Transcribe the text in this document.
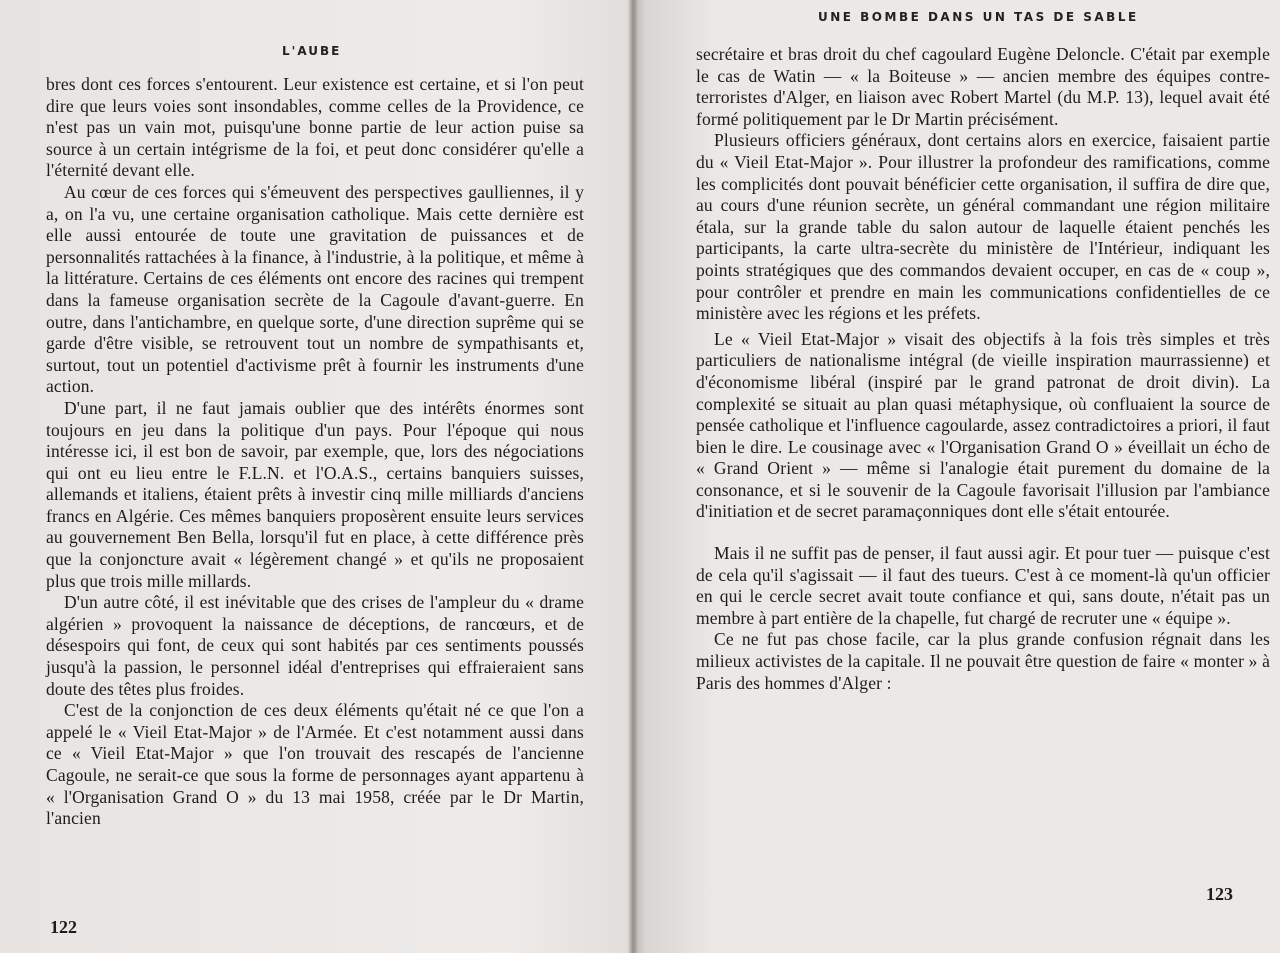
L'AUBE

bres dont ces forces s'entourent. Leur existence est certaine, et si l'on peut dire que leurs voies sont insondables, comme celles de la Providence, ce n'est pas un vain mot, puisqu'une bonne partie de leur action puise sa source à un certain intégrisme de la foi, et peut donc considérer qu'elle a l'éternité devant elle.

Au cœur de ces forces qui s'émeuvent des perspectives gaulliennes, il y a, on l'a vu, une certaine organisation catholique. Mais cette dernière est elle aussi entourée de toute une gravitation de puissances et de personnalités rattachées à la finance, à l'industrie, à la politique, et même à la littérature. Certains de ces éléments ont encore des racines qui trempent dans la fameuse organisation secrète de la Cagoule d'avant-guerre. En outre, dans l'antichambre, en quelque sorte, d'une direction suprême qui se garde d'être visible, se retrouvent tout un nombre de sympathisants et, surtout, tout un potentiel d'activisme prêt à fournir les instruments d'une action.

D'une part, il ne faut jamais oublier que des intérêts énormes sont toujours en jeu dans la politique d'un pays. Pour l'époque qui nous intéresse ici, il est bon de savoir, par exemple, que, lors des négociations qui ont eu lieu entre le F.L.N. et l'O.A.S., certains banquiers suisses, allemands et italiens, étaient prêts à investir cinq mille milliards d'anciens francs en Algérie. Ces mêmes banquiers proposèrent ensuite leurs services au gouvernement Ben Bella, lorsqu'il fut en place, à cette différence près que la conjoncture avait « légèrement changé » et qu'ils ne proposaient plus que trois mille millards.

D'un autre côté, il est inévitable que des crises de l'ampleur du « drame algérien » provoquent la naissance de déceptions, de rancœurs, et de désespoirs qui font, de ceux qui sont habités par ces sentiments poussés jusqu'à la passion, le personnel idéal d'entreprises qui effraieraient sans doute des têtes plus froides.

C'est de la conjonction de ces deux éléments qu'était né ce que l'on a appelé le « Vieil Etat-Major » de l'Armée. Et c'est notamment aussi dans ce « Vieil Etat-Major » que l'on trouvait des rescapés de l'ancienne Cagoule, ne serait-ce que sous la forme de personnages ayant appartenu à « l'Organisation Grand O » du 13 mai 1958, créée par le Dr Martin, l'ancien

122
UNE BOMBE DANS UN TAS DE SABLE

secrétaire et bras droit du chef cagoulard Eugène Deloncle. C'était par exemple le cas de Watin — « la Boiteuse » — ancien membre des équipes contre-terroristes d'Alger, en liaison avec Robert Martel (du M.P. 13), lequel avait été formé politiquement par le Dr Martin précisément.

Plusieurs officiers généraux, dont certains alors en exercice, faisaient partie du « Vieil Etat-Major ». Pour illustrer la profondeur des ramifications, comme les complicités dont pouvait bénéficier cette organisation, il suffira de dire que, au cours d'une réunion secrète, un général commandant une région militaire étala, sur la grande table du salon autour de laquelle étaient penchés les participants, la carte ultra-secrète du ministère de l'Intérieur, indiquant les points stratégiques que des commandos devaient occuper, en cas de « coup », pour contrôler et prendre en main les communications confidentielles de ce ministère avec les régions et les préfets.

Le « Vieil Etat-Major » visait des objectifs à la fois très simples et très particuliers de nationalisme intégral (de vieille inspiration maurrassienne) et d'économisme libéral (inspiré par le grand patronat de droit divin). La complexité se situait au plan quasi métaphysique, où confluaient la source de pensée catholique et l'influence cagoularde, assez contradictoires a priori, il faut bien le dire. Le cousinage avec « l'Organisation Grand O » éveillait un écho de « Grand Orient » — même si l'analogie était purement du domaine de la consonance, et si le souvenir de la Cagoule favorisait l'illusion par l'ambiance d'initiation et de secret paramaçonniques dont elle s'était entourée.

Mais il ne suffit pas de penser, il faut aussi agir. Et pour tuer — puisque c'est de cela qu'il s'agissait — il faut des tueurs. C'est à ce moment-là qu'un officier en qui le cercle secret avait toute confiance et qui, sans doute, n'était pas un membre à part entière de la chapelle, fut chargé de recruter une « équipe ».

Ce ne fut pas chose facile, car la plus grande confusion régnait dans les milieux activistes de la capitale. Il ne pouvait être question de faire « monter » à Paris des hommes d'Alger :

123
